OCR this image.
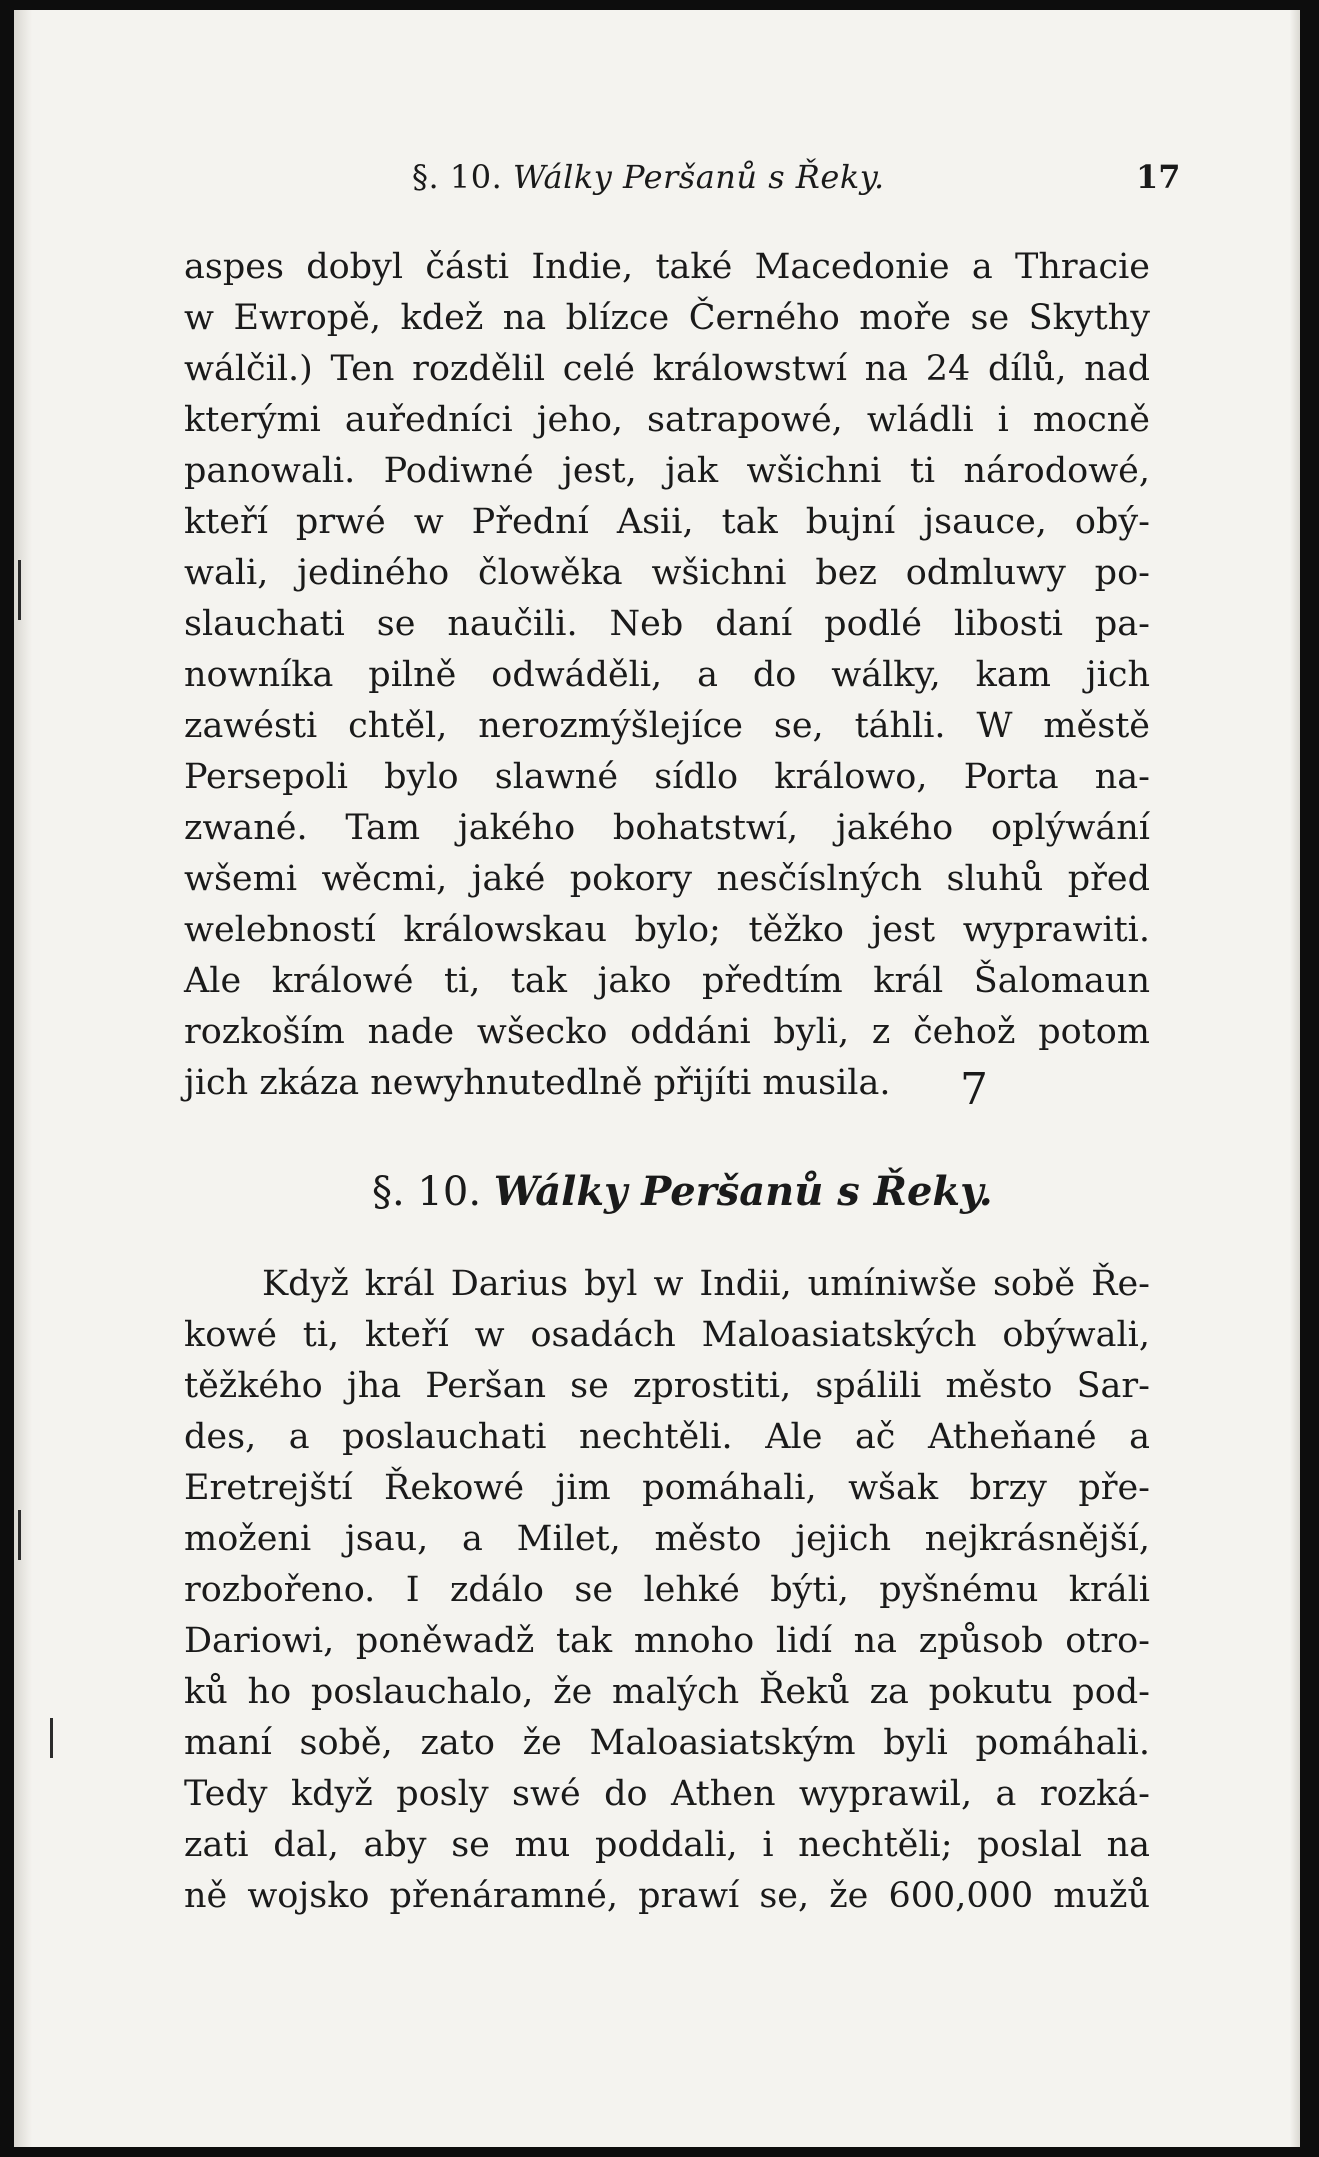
§. 10. Wálky Peršanů s Řeky.	17
aspes dobyl části Indie, také Macedonie a Thracie
w Ewropě, kdež na blízce Černého moře se Skythy
wálčil.) Ten rozdělil celé králowstwí na 24 dílů, nad
kterými auředníci jeho, satrapowé, wládli i mocně
panowali. Podiwné jest, jak wšichni ti národowé,
kteří prwé w Přední Asii, tak bujní jsauce, obý-
wali, jediného člowěka wšichni bez odmluwy po-
slauchati se naučili. Neb daní podlé libosti pa-
nowníka pilně odwáděli, a do wálky, kam jich
zawésti chtěl, nerozmýšlejíce se, táhli. W městě
Persepoli bylo slawné sídlo králowo, Porta na-
zwané. Tam jakého bohatstwí, jakého oplýwání
wšemi wěcmi, jaké pokory nesčíslných sluhů před
welebností králowskau bylo; těžko jest wyprawiti.
Ale králowé ti, tak jako předtím král Šalomaun
rozkoším nade wšecko oddáni byli, z čehož potom
jich zkáza newyhnutedlně přijíti musila.	7
§. 10. Wálky Peršanů s Řeky.
Když král Darius byl w Indii, umíniwše sobě Ře-
kowé ti, kteří w osadách Maloasiatských obýwali,
těžkého jha Peršan se zprostiti, spálili město Sar-
des, a poslauchati nechtěli. Ale ač Atheňané a
Eretrejští Řekowé jim pomáhali, wšak brzy pře-
moženi jsau, a Milet, město jejich nejkrásnější,
rozbořeno. I zdálo se lehké býti, pyšnému králi
Dariowi, poněwadž tak mnoho lidí na způsob otro-
ků ho poslauchalo, že malých Řeků za pokutu pod-
maní sobě, zato že Maloasiatským byli pomáhali.
Tedy když posly swé do Athen wyprawil, a rozká-
zati dal, aby se mu poddali, i nechtěli; poslal na
ně wojsko přenáramné, prawí se, že 600,000 mužů
